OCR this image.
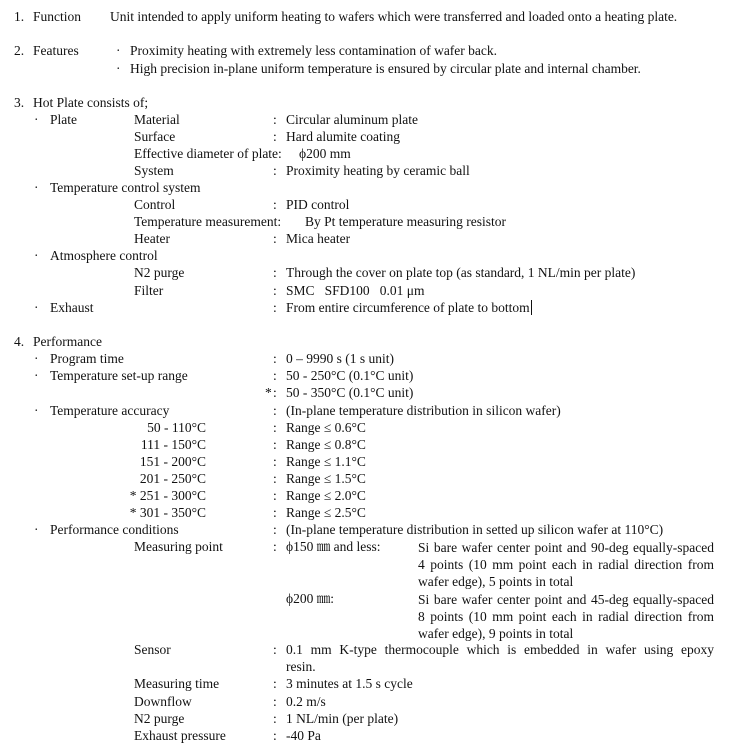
1. Function Unit intended to apply uniform heating to wafers which were transferred and loaded onto a heating plate.
2. Features	· Proximity heating with extremely less contamination of wafer back.
· High precision in-plane uniform temperature is ensured by circular plate and internal chamber.
3. Hot Plate consists of;
· Plate	Material	: Circular aluminum plate
Surface	: Hard alumite coating
Effective diameter of plate: ϕ200 mm
System	: Proximity heating by ceramic ball
· Temperature control system
Control	: PID control
Temperature measurement: By Pt temperature measuring resistor
Heater	: Mica heater
· Atmosphere control
N2 purge	: Through the cover on plate top (as standard, 1 NL/min per plate)
Filter	: SMC   SFD100   0.01 μm
· Exhaust	: From entire circumference of plate to bottom
4. Performance
· Program time	: 0 – 9990 s (1 s unit)
· Temperature set-up range	: 50 - 250°C (0.1°C unit)
* : 50 - 350°C (0.1°C unit)
· Temperature accuracy	: (In-plane temperature distribution in silicon wafer)
50 - 110°C	: Range ≤ 0.6°C
111 - 150°C	: Range ≤ 0.8°C
151 - 200°C	: Range ≤ 1.1°C
201 - 250°C	: Range ≤ 1.5°C
* 251 - 300°C	: Range ≤ 2.0°C
* 301 - 350°C	: Range ≤ 2.5°C
· Performance conditions	: (In-plane temperature distribution in setted up silicon wafer at 110°C)
Measuring point	: ϕ150 ㎜ and less:	Si bare wafer center point and 90-deg equally-spaced 4 points (10 mm point each in radial direction from wafer edge), 5 points in total
ϕ200 ㎜:	Si bare wafer center point and 45-deg equally-spaced 8 points (10 mm point each in radial direction from wafer edge), 9 points in total
Sensor	: 0.1 mm K-type thermocouple which is embedded in wafer using epoxy
resin.
Measuring time	: 3 minutes at 1.5 s cycle
Downflow	: 0.2 m/s
N2 purge	: 1 NL/min (per plate)
Exhaust pressure	: -40 Pa
